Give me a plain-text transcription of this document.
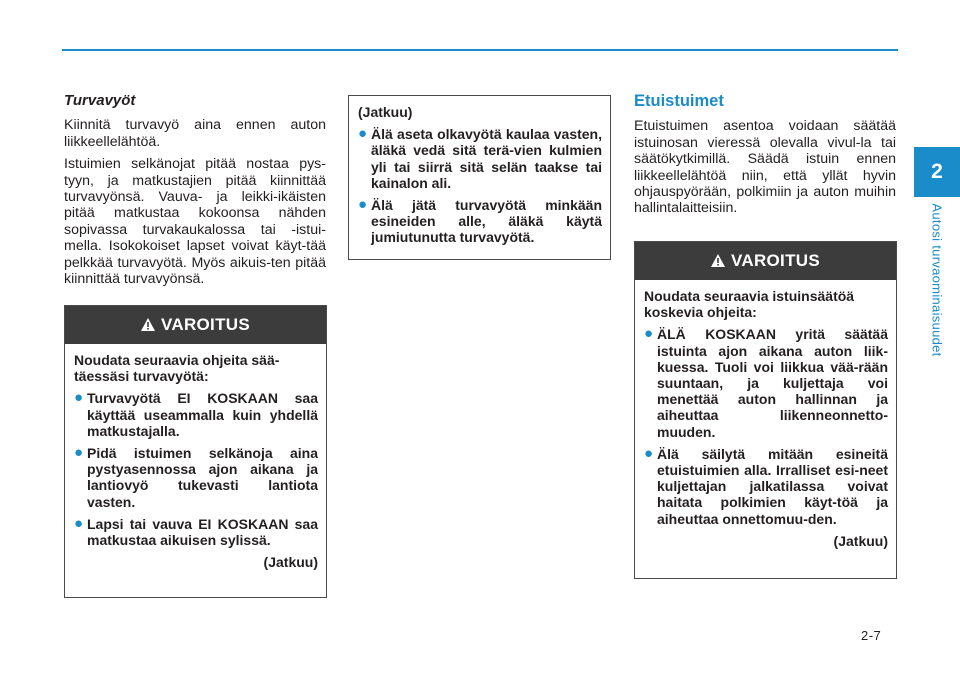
2
Autosi turvaominaisuudet
Turvavyöt

Kiinnitä turvavyö aina ennen auton liikkeellelähtöä.

Istuimien selkänojat pitää nostaa pys-tyyn, ja matkustajien pitää kiinnittää turvavyönsä. Vauva- ja leikki-ikäisten pitää matkustaa kokoonsa nähden sopivassa turvakaukalossa tai -istui-mella. Isokokoiset lapset voivat käyt-tää pelkkää turvavyötä. Myös aikuis-ten pitää kiinnittää turvavyönsä.

VAROITUS
Noudata seuraavia ohjeita sää-täessäsi turvavyötä:
● Turvavyötä EI KOSKAAN saa käyttää useammalla kuin yhdellä matkustajalla.
● Pidä istuimen selkänoja aina pystyasennossa ajon aikana ja lantiovyö tukevasti lantiota vasten.
● Lapsi tai vauva EI KOSKAAN saa matkustaa aikuisen sylissä.
(Jatkuu)
(Jatkuu)
● Älä aseta olkavyötä kaulaa vasten, äläkä vedä sitä terä-vien kulmien yli tai siirrä sitä selän taakse tai kainalon ali.
● Älä jätä turvavyötä minkään esineiden alle, äläkä käytä jumiutunutta turvavyötä.
Etuistuimet

Etuistuimen asentoa voidaan säätää istuinosan vieressä olevalla vivul-la tai säätökytkimillä. Säädä istuin ennen liikkeellelähtöä niin, että yllät hyvin ohjauspyörään, polkimiin ja auton muihin hallintalaitteisiin.

VAROITUS
Noudata seuraavia istuinsäätöä koskevia ohjeita:
● ÄLÄ KOSKAAN yritä säätää istuinta ajon aikana auton liik-kuessa. Tuoli voi liikkua vää-rään suuntaan, ja kuljettaja voi menettää auton hallinnan ja aiheuttaa liikenneonnetto-muuden.
● Älä säilytä mitään esineitä etuistuimien alla. Irralliset esi-neet kuljettajan jalkatilassa voivat haitata polkimien käyt-töä ja aiheuttaa onnettomuu-den.
(Jatkuu)
2-7
